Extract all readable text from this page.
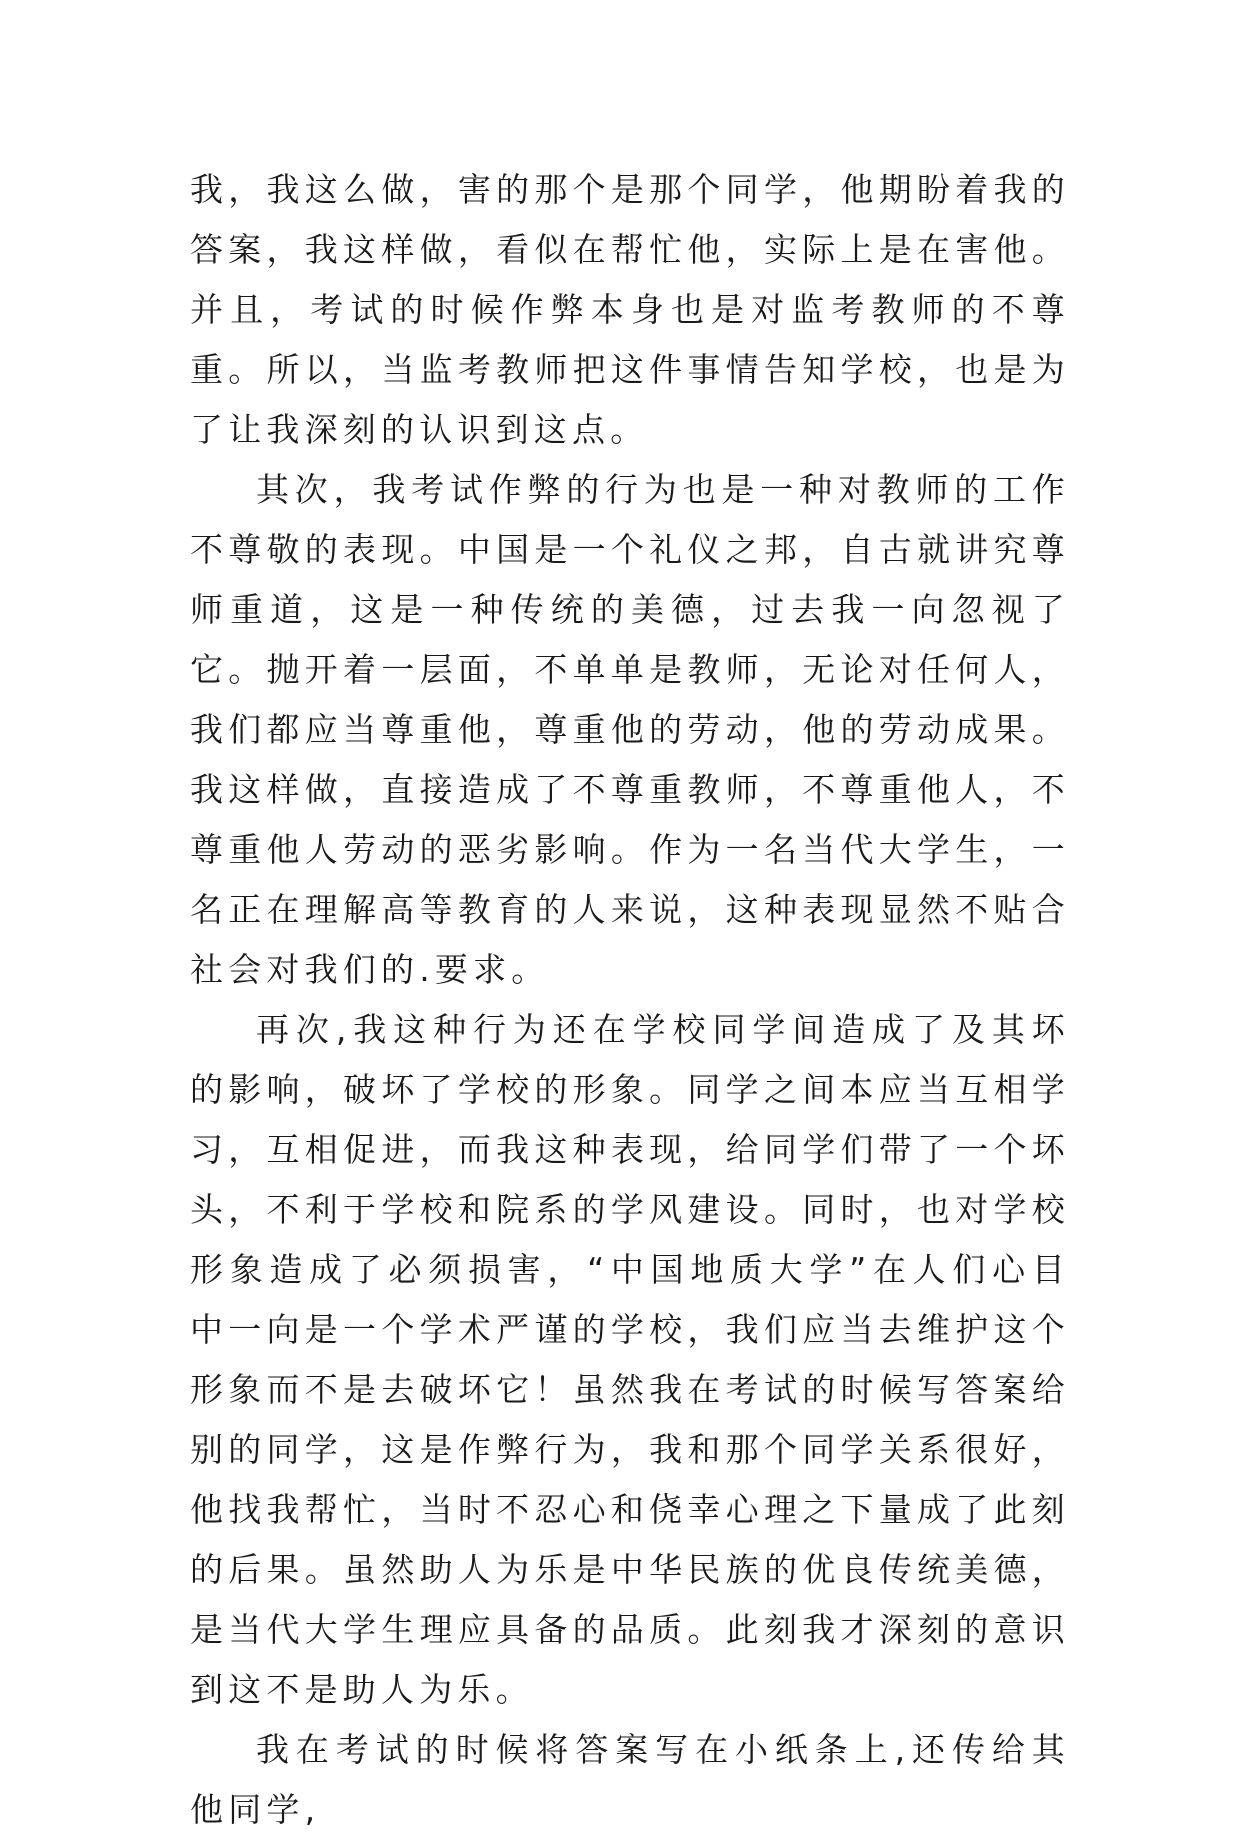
我，我这么做，害的那个是那个同学，他期盼着我的答案，我这样做，看似在帮忙他，实际上是在害他。并且，考试的时候作弊本身也是对监考教师的不尊重。所以，当监考教师把这件事情告知学校，也是为了让我深刻的认识到这点。

其次，我考试作弊的行为也是一种对教师的工作不尊敬的表现。中国是一个礼仪之邦，自古就讲究尊师重道，这是一种传统的美德，过去我一向忽视了它。抛开着一层面，不单单是教师，无论对任何人，我们都应当尊重他，尊重他的劳动，他的劳动成果。我这样做，直接造成了不尊重教师，不尊重他人，不尊重他人劳动的恶劣影响。作为一名当代大学生，一名正在理解高等教育的人来说，这种表现显然不贴合社会对我们的.要求。

再次,我这种行为还在学校同学间造成了及其坏的影响，破坏了学校的形象。同学之间本应当互相学习，互相促进，而我这种表现，给同学们带了一个坏头，不利于学校和院系的学风建设。同时，也对学校形象造成了必须损害，“中国地质大学”在人们心目中一向是一个学术严谨的学校，我们应当去维护这个形象而不是去破坏它！虽然我在考试的时候写答案给别的同学，这是作弊行为，我和那个同学关系很好，他找我帮忙，当时不忍心和侥幸心理之下量成了此刻的后果。虽然助人为乐是中华民族的优良传统美德，是当代大学生理应具备的品质。此刻我才深刻的意识到这不是助人为乐。

我在考试的时候将答案写在小纸条上,还传给其他同学,
